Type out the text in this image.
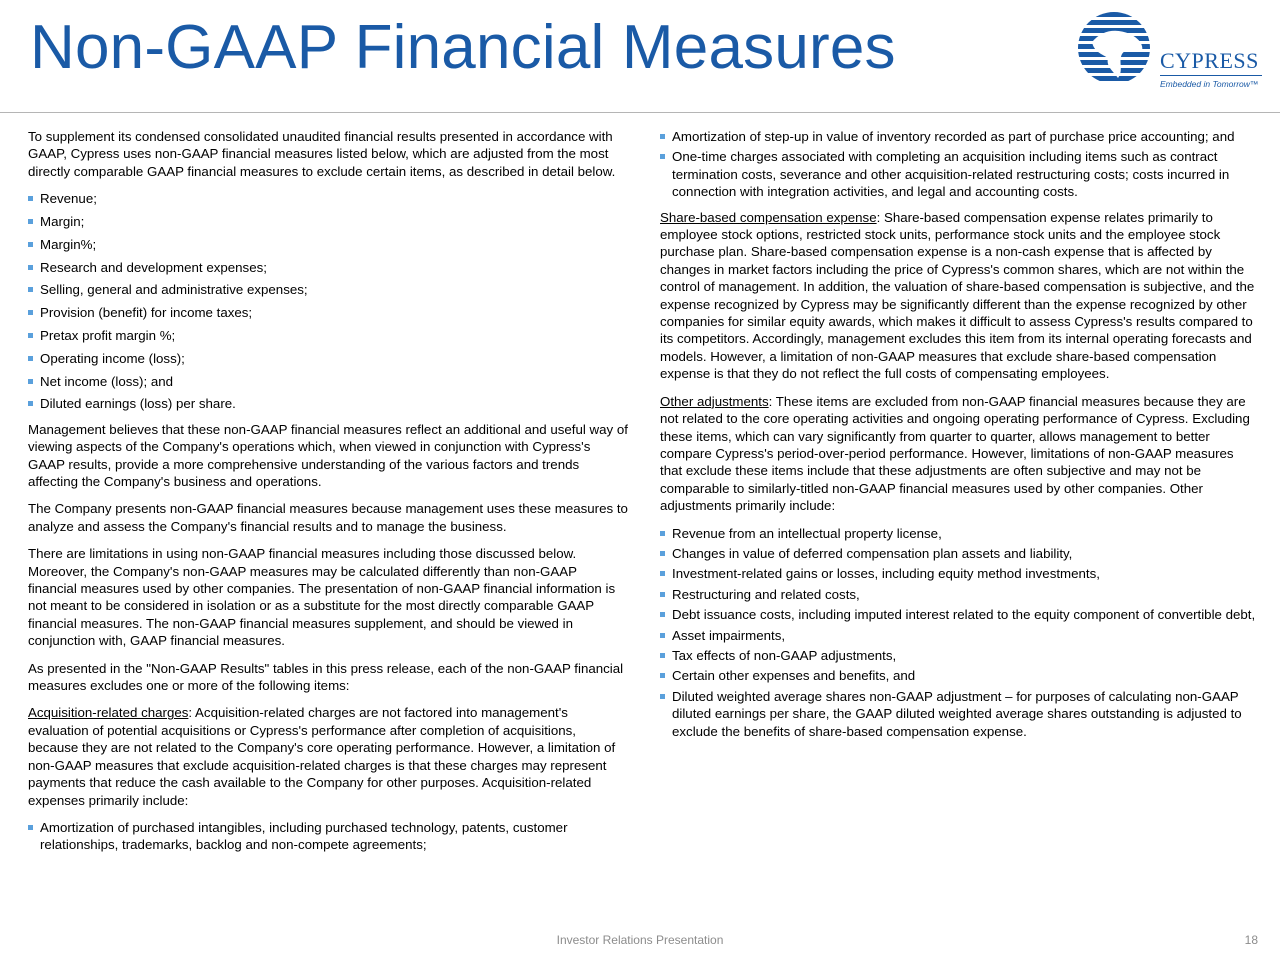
Non-GAAP Financial Measures	CYPRESS
Embedded in Tomorrow™

To supplement its condensed consolidated unaudited financial results presented in accordance with GAAP, Cypress uses non-GAAP financial measures listed below, which are adjusted from the most directly comparable GAAP financial measures to exclude certain items, as described in detail below.

Revenue;
Margin;
Margin%;
Research and development expenses;
Selling, general and administrative expenses;
Provision (benefit) for income taxes;
Pretax profit margin %;
Operating income (loss);
Net income (loss); and
Diluted earnings (loss) per share.

Management believes that these non-GAAP financial measures reflect an additional and useful way of viewing aspects of the Company's operations which, when viewed in conjunction with Cypress's GAAP results, provide a more comprehensive understanding of the various factors and trends affecting the Company's business and operations.

The Company presents non-GAAP financial measures because management uses these measures to analyze and assess the Company's financial results and to manage the business.

There are limitations in using non-GAAP financial measures including those discussed below. Moreover, the Company's non-GAAP measures may be calculated differently than non-GAAP financial measures used by other companies. The presentation of non-GAAP financial information is not meant to be considered in isolation or as a substitute for the most directly comparable GAAP financial measures. The non-GAAP financial measures supplement, and should be viewed in conjunction with, GAAP financial measures.

As presented in the "Non-GAAP Results" tables in this press release, each of the non-GAAP financial measures excludes one or more of the following items:

Acquisition-related charges: Acquisition-related charges are not factored into management's evaluation of potential acquisitions or Cypress's performance after completion of acquisitions, because they are not related to the Company's core operating performance. However, a limitation of non-GAAP measures that exclude acquisition-related charges is that these charges may represent payments that reduce the cash available to the Company for other purposes. Acquisition-related expenses primarily include:

Amortization of purchased intangibles, including purchased technology, patents, customer relationships, trademarks, backlog and non-compete agreements;
Amortization of step-up in value of inventory recorded as part of purchase price accounting; and
One-time charges associated with completing an acquisition including items such as contract termination costs, severance and other acquisition-related restructuring costs; costs incurred in connection with integration activities, and legal and accounting costs.

Share-based compensation expense: Share-based compensation expense relates primarily to employee stock options, restricted stock units, performance stock units and the employee stock purchase plan. Share-based compensation expense is a non-cash expense that is affected by changes in market factors including the price of Cypress's common shares, which are not within the control of management. In addition, the valuation of share-based compensation is subjective, and the expense recognized by Cypress may be significantly different than the expense recognized by other companies for similar equity awards, which makes it difficult to assess Cypress's results compared to its competitors. Accordingly, management excludes this item from its internal operating forecasts and models. However, a limitation of non-GAAP measures that exclude share-based compensation expense is that they do not reflect the full costs of compensating employees.

Other adjustments: These items are excluded from non-GAAP financial measures because they are not related to the core operating activities and ongoing operating performance of Cypress. Excluding these items, which can vary significantly from quarter to quarter, allows management to better compare Cypress's period-over-period performance. However, limitations of non-GAAP measures that exclude these items include that these adjustments are often subjective and may not be comparable to similarly-titled non-GAAP financial measures used by other companies. Other adjustments primarily include:

Revenue from an intellectual property license,
Changes in value of deferred compensation plan assets and liability,
Investment-related gains or losses, including equity method investments,
Restructuring and related costs,
Debt issuance costs, including imputed interest related to the equity component of convertible debt,
Asset impairments,
Tax effects of non-GAAP adjustments,
Certain other expenses and benefits, and
Diluted weighted average shares non-GAAP adjustment – for purposes of calculating non-GAAP diluted earnings per share, the GAAP diluted weighted average shares outstanding is adjusted to exclude the benefits of share-based compensation expense.
Investor Relations Presentation	18
